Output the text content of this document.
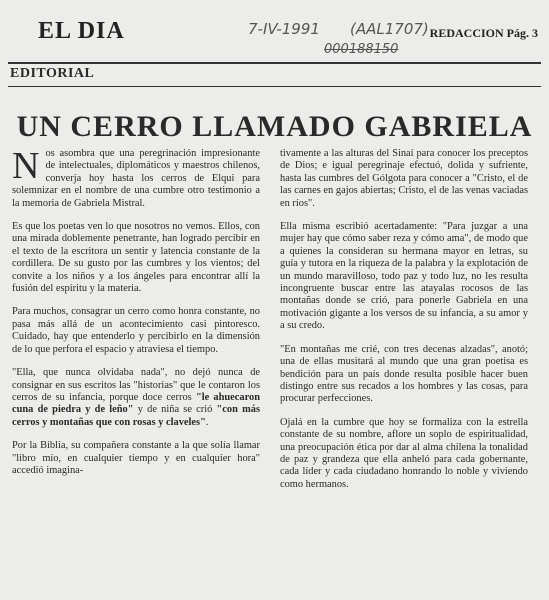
EL DIA	7-IV-1991 (AAL1707)
000188150
REDACCION Pág. 3
EDITORIAL
UN CERRO LLAMADO GABRIELA

Nos asombra que una peregrinación impresionante de intelectuales, diplomáticos y maestros chilenos, converja hoy hasta los cerros de Elqui para solemnizar en el nombre de una cumbre otro testimonio a la memoria de Gabriela Mistral.

Es que los poetas ven lo que nosotros no vemos. Ellos, con una mirada doblemente penetrante, han logrado percibir en el texto de la escritora un sentir y latencia constante de la cordillera. De su gusto por las cumbres y los vientos; del convite a los niños y a los ángeles para encontrar allí la fusión del espíritu y la materia.

Para muchos, consagrar un cerro como honra constante, no pasa más allá de un acontecimiento casi pintoresco. Cuidado, hay que entenderlo y percibirlo en la dimensión de lo que perfora el espacio y atraviesa el tiempo.

"Ella, que nunca olvidaba nada", no dejó nunca de consignar en sus escritos las "historias" que le contaron los cerros de su infancia, porque doce cerros "le ahuecaron cuna de piedra y de leño" y de niña se crió "con más cerros y montañas que con rosas y claveles".

Por la Biblia, su compañera constante a la que solía llamar "libro mío, en cualquier tiempo y en cualquier hora" accedió imagina-

tivamente a las alturas del Sinaí para conocer los preceptos de Dios; e igual peregrinaje efectuó, dolida y sufriente, hasta las cumbres del Gólgota para conocer a "Cristo, el de las carnes en gajos abiertas; Cristo, el de las venas vaciadas en ríos".

Ella misma escribió acertadamente: "Para juzgar a una mujer hay que cómo saber reza y cómo ama", de modo que a quienes la consideran su hermana mayor en letras, su guía y tutora en la riqueza de la palabra y la explotación de un mundo maravilloso, todo paz y todo luz, no les resulta incongruente buscar entre las atayalas rocosos de las montañas donde se crió, para ponerle Gabriela en una motivación gigante a los versos de su infancia, a su amor y a su credo.

"En montañas me crié, con tres decenas alzadas", anotó; una de ellas musitará al mundo que una gran poetisa es bendición para un país donde resulta posible hacer buen distingo entre sus recados a los hombres y las cosas, para procurar perfecciones.

Ojalá en la cumbre que hoy se formaliza con la estrella constante de su nombre, aflore un soplo de espiritualidad, una preocupación ética por dar al alma chilena la tonalidad de paz y grandeza que ella anheló para cada gobernante, cada líder y cada ciudadano honrando lo noble y viviendo como hermanos.
